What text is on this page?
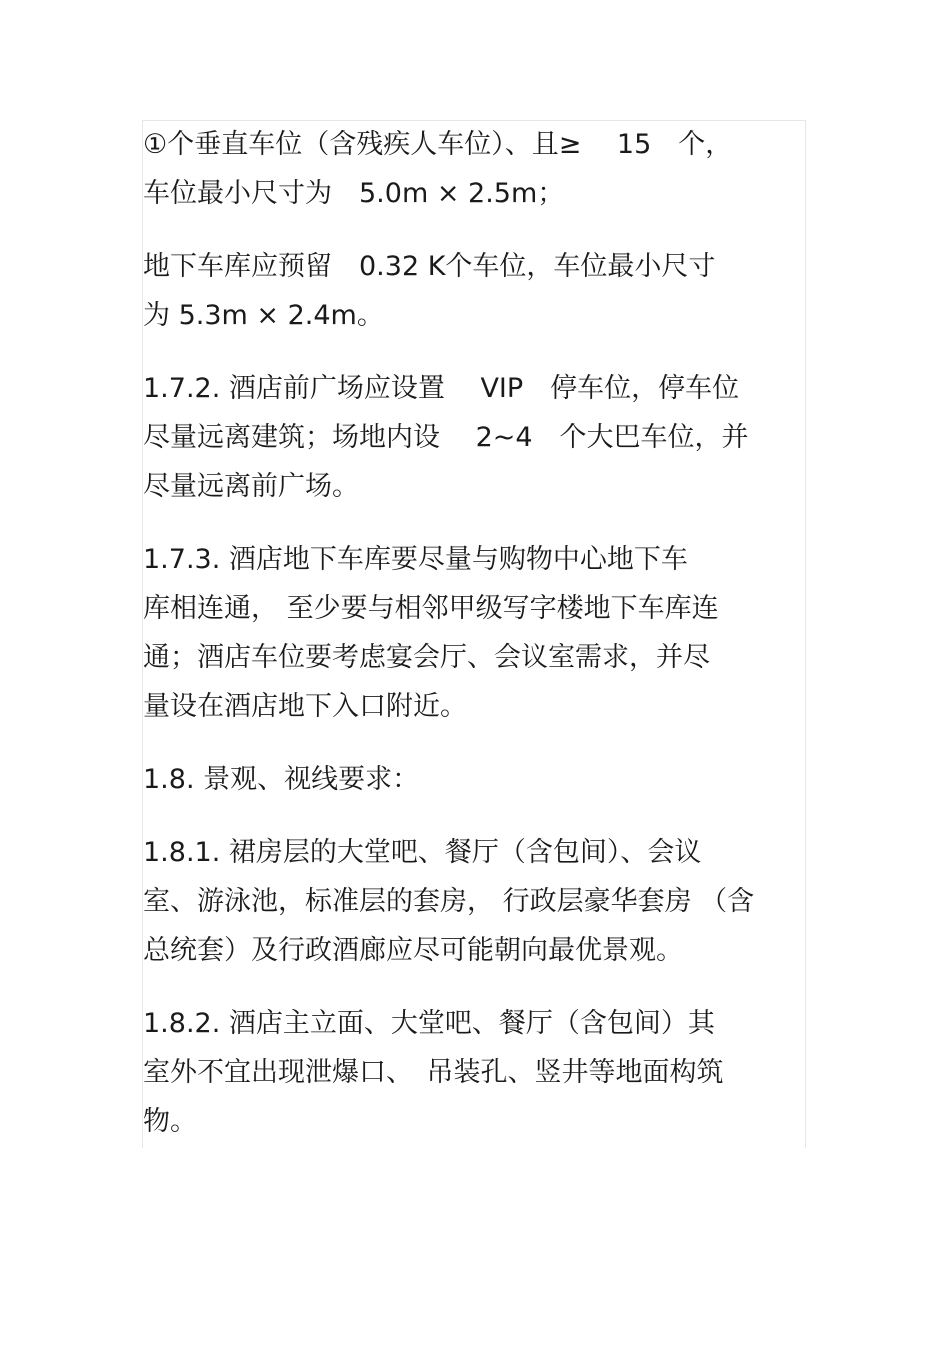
①个垂直车位（含残疾人车位）、且≥　 15　个，
车位最小尺寸为　5.0m × 2.5m；

地下车库应预留　0.32 K个车位，车位最小尺寸
为 5.3m × 2.4m。

1.7.2. 酒店前广场应设置　 VIP　停车位，停车位
尽量远离建筑；场地内设　 2~4　个大巴车位，并
尽量远离前广场。

1.7.3. 酒店地下车库要尽量与购物中心地下车
库相连通， 至少要与相邻甲级写字楼地下车库连
通；酒店车位要考虑宴会厅、会议室需求，并尽
量设在酒店地下入口附近。

1.8. 景观、视线要求：

1.8.1. 裙房层的大堂吧、餐厅（含包间）、会议
室、游泳池，标准层的套房， 行政层豪华套房 （含
总统套）及行政酒廊应尽可能朝向最优景观。

1.8.2. 酒店主立面、大堂吧、餐厅（含包间）其
室外不宜出现泄爆口、　吊装孔、竖井等地面构筑
物。
